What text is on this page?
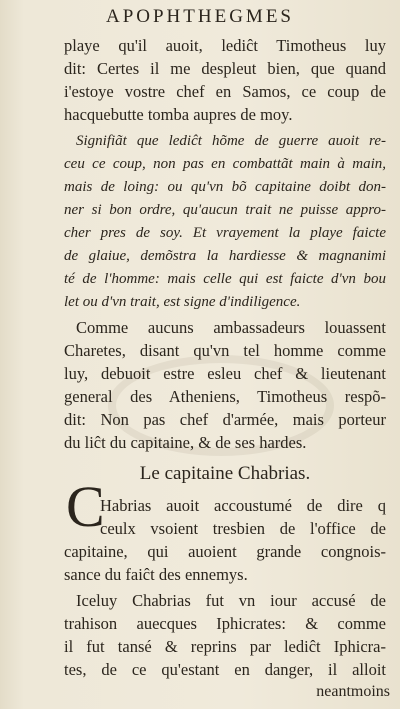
APOPHTHEGMES
playe qu'il auoit, lediĉt Timotheus luy
dit: Certes il me despleut bien, que quand
i'estoye vostre chef en Samos, ce coup de
hacquebutte tomba aupres de moy.
Signifiãt que lediĉt hõme de guerre auoit re-
ceu ce coup, non pas en combattãt main à main,
mais de loing: ou qu'vn bõ capitaine doibt don-
ner si bon ordre, qu'aucun trait ne puisse appro-
cher pres de soy. Et vrayement la playe faicte
de glaiue, demõstra la hardiesse & magnanimi
té de l'homme: mais celle qui est faicte d'vn bou
let ou d'vn trait, est signe d'indiligence.
Comme aucuns ambassadeurs louassent
Charetes, disant qu'vn tel homme comme
luy, debuoit estre esleu chef & lieutenant
general des Atheniens, Timotheus respõ-
dit: Non pas chef d'armée, mais porteur
du liĉt du capitaine, & de ses hardes.
Le capitaine Chabrias.
C
Habrias auoit accoustumé de dire q
ceulx vsoient tresbien de l'office de
capitaine, qui auoient grande congnois-
sance du faiĉt des ennemys.
Iceluy Chabrias fut vn iour accusé de
trahison auecques Iphicrates: & comme
il fut tansé & reprins par lediĉt Iphicra-
tes, de ce qu'estant en danger, il alloit
neantmoins
